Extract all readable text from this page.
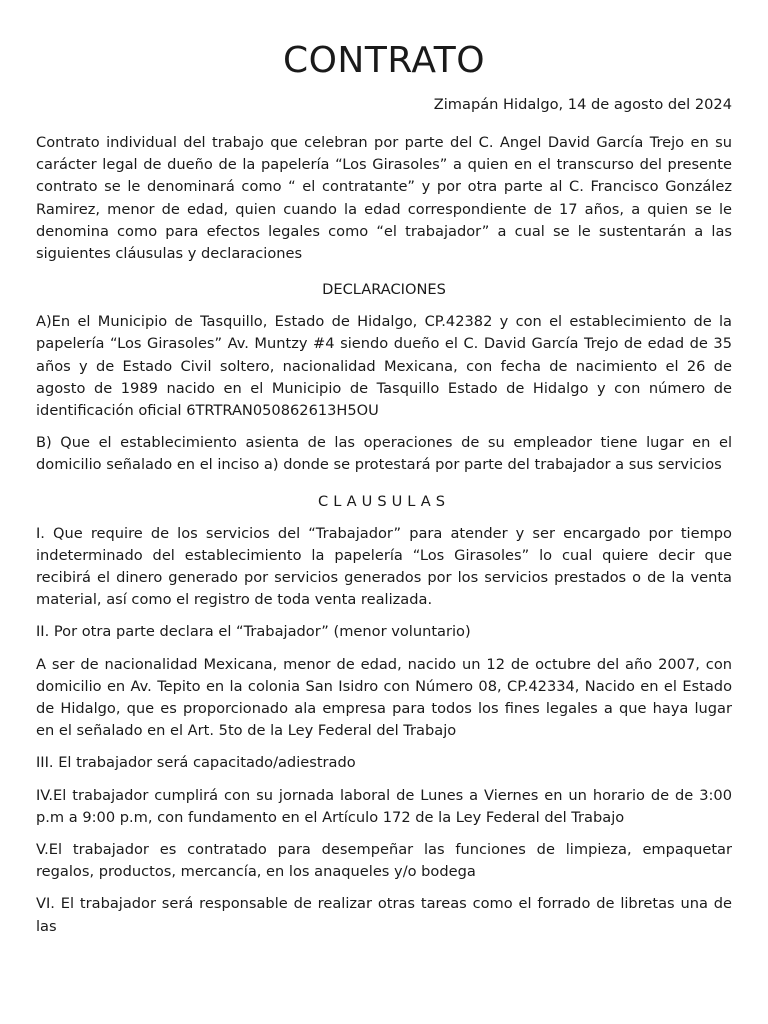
CONTRATO
Zimapán Hidalgo, 14 de agosto del 2024

Contrato individual del trabajo que celebran por parte del C. Angel David García Trejo en su carácter legal de dueño de la papelería “Los Girasoles” a quien en el transcurso del presente contrato se le denominará como “ el contratante” y por otra parte al C. Francisco González Ramirez, menor de edad, quien cuando la edad correspondiente de 17 años, a quien se le denomina como para efectos legales como “el trabajador” a cual se le sustentarán a las siguientes cláusulas y declaraciones

DECLARACIONES

A)En el Municipio de Tasquillo, Estado de Hidalgo, CP.42382 y con el establecimiento de la papelería “Los Girasoles” Av. Muntzy #4 siendo dueño el C. David García Trejo de edad de 35 años y de Estado Civil soltero, nacionalidad Mexicana, con fecha de nacimiento el 26 de agosto de 1989 nacido en el Municipio de Tasquillo Estado de Hidalgo y con número de identificación oficial 6TRTRAN050862613H5OU

B) Que el establecimiento asienta de las operaciones de su empleador tiene lugar en el domicilio señalado en el inciso a) donde se protestará por parte del trabajador a sus servicios

CLAUSULAS

I. Que require de los servicios del “Trabajador” para atender y ser encargado por tiempo indeterminado del establecimiento la papelería “Los Girasoles” lo cual quiere decir que recibirá el dinero generado por servicios generados por los servicios prestados o de la venta material, así como el registro de toda venta realizada.

II. Por otra parte declara el “Trabajador” (menor voluntario)

A ser de nacionalidad Mexicana, menor de edad, nacido un 12 de octubre del año 2007, con domicilio en Av. Tepito en la colonia San Isidro con Número 08, CP.42334, Nacido en el Estado de Hidalgo, que es proporcionado ala empresa para todos los fines legales a que haya lugar en el señalado en el Art. 5to de la Ley Federal del Trabajo

III. El trabajador será capacitado/adiestrado

IV.El trabajador cumplirá con su jornada laboral de Lunes a Viernes en un horario de de 3:00 p.m a 9:00 p.m, con fundamento en el Artículo 172 de la Ley Federal del Trabajo

V.El trabajador es contratado para desempeñar las funciones de limpieza, empaquetar regalos, productos, mercancía, en los anaqueles y/o bodega

VI. El trabajador será responsable de realizar otras tareas como el forrado de libretas una de las
